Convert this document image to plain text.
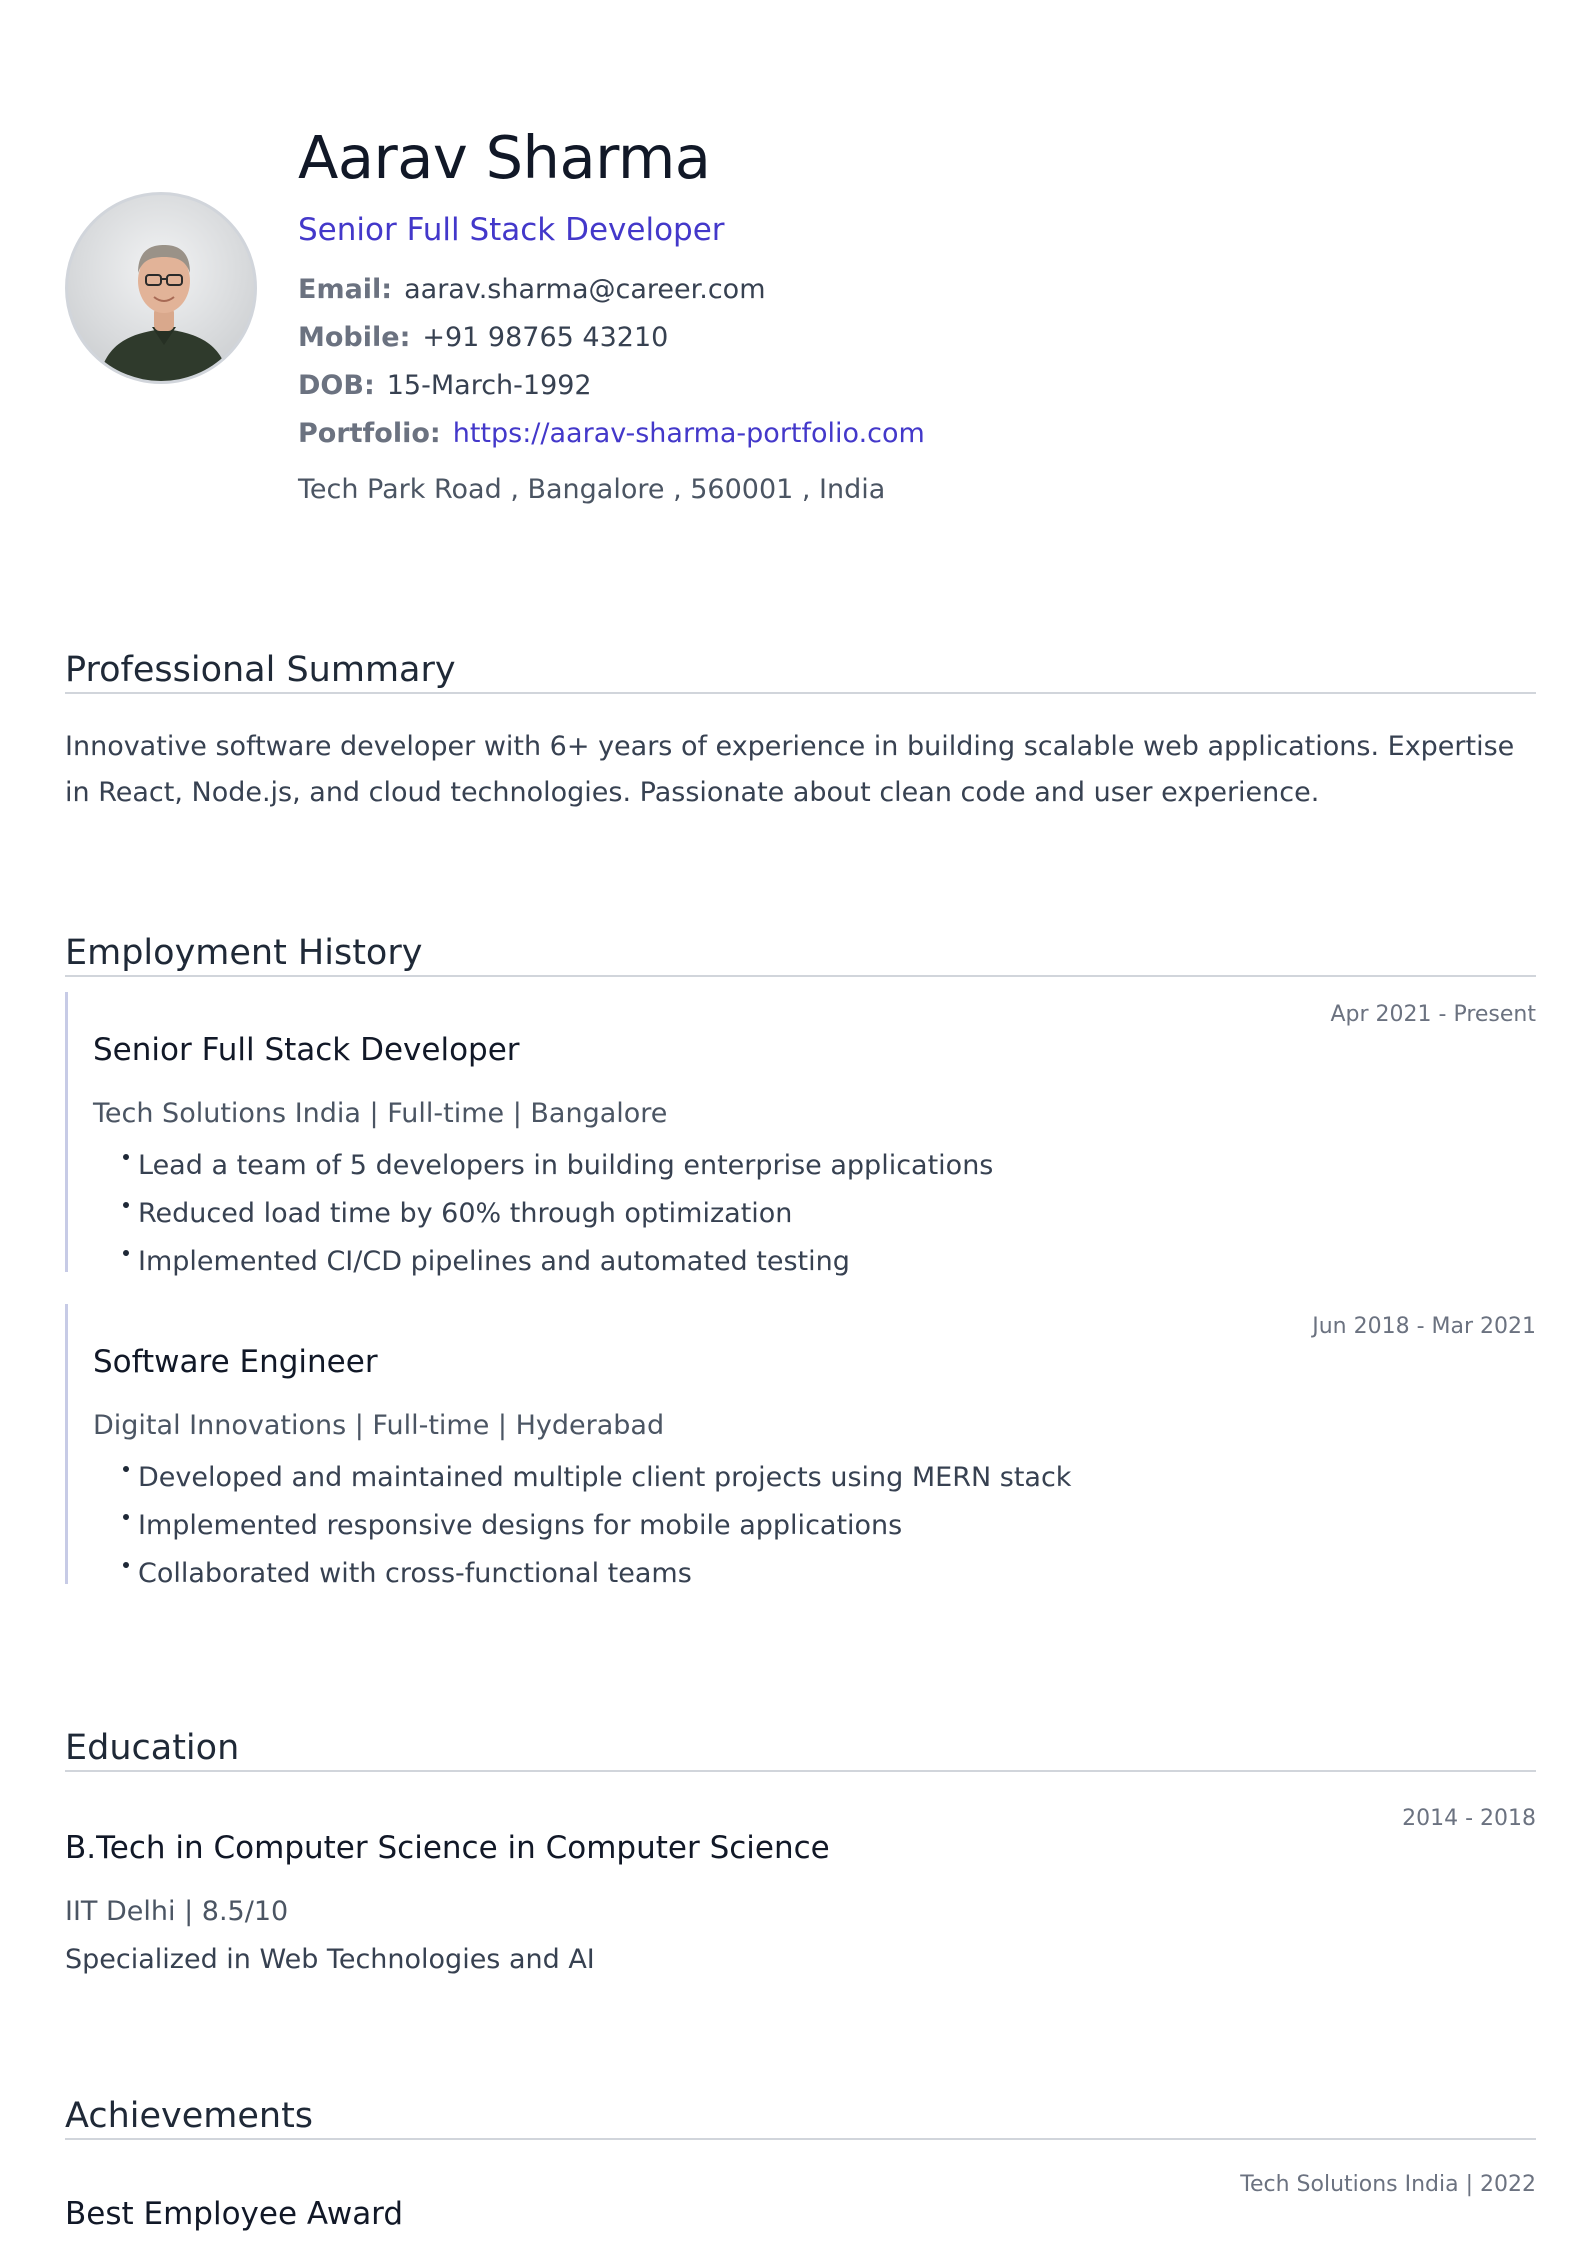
Aarav Sharma
Senior Full Stack Developer
Email: aarav.sharma@career.com
Mobile: +91 98765 43210
DOB: 15-March-1992
Portfolio: https://aarav-sharma-portfolio.com
Tech Park Road , Bangalore , 560001 , India
Professional Summary

Innovative software developer with 6+ years of experience in building scalable web applications. Expertise in React, Node.js, and cloud technologies. Passionate about clean code and user experience.

Employment History
Apr 2021 - Present
Senior Full Stack Developer
Tech Solutions India | Full-time | Bangalore
Lead a team of 5 developers in building enterprise applications
Reduced load time by 60% through optimization
Implemented CI/CD pipelines and automated testing
Jun 2018 - Mar 2021
Software Engineer
Digital Innovations | Full-time | Hyderabad
Developed and maintained multiple client projects using MERN stack
Implemented responsive designs for mobile applications
Collaborated with cross-functional teams
Education
2014 - 2018
B.Tech in Computer Science in Computer Science
IIT Delhi | 8.5/10
Specialized in Web Technologies and AI
Achievements
Tech Solutions India | 2022
Best Employee Award
